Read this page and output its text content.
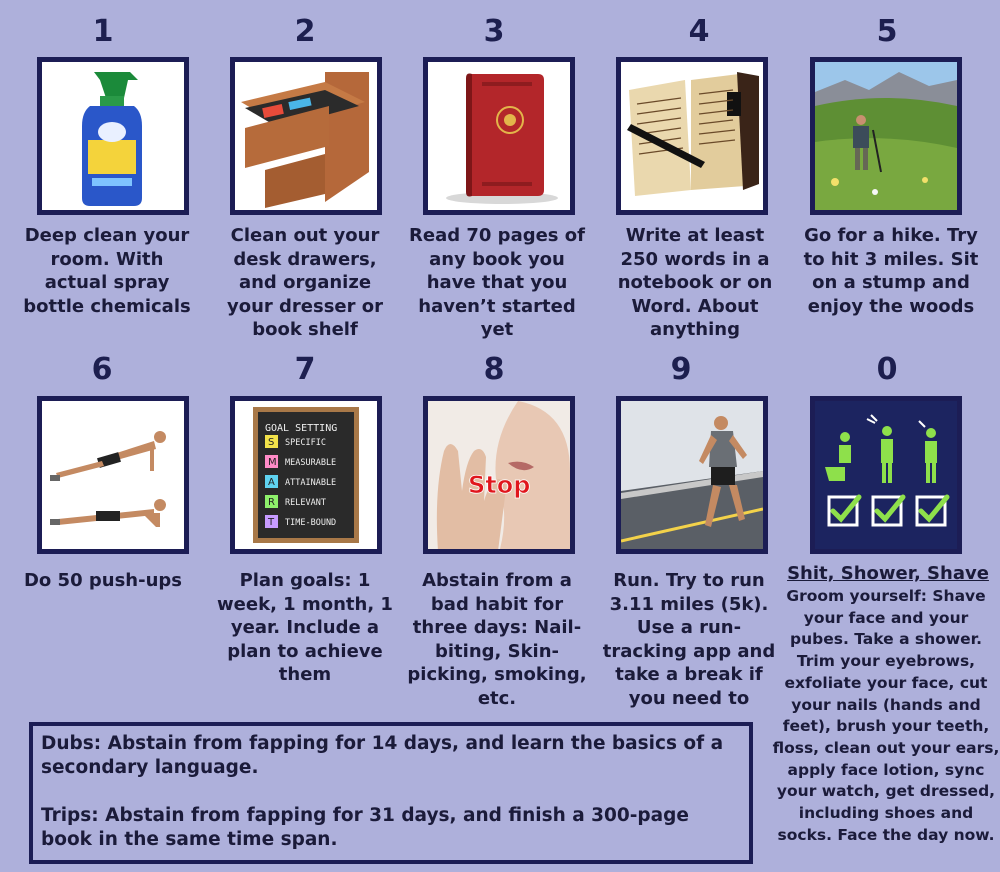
1	2	3	4	5
Deep clean your room. With actual spray bottle chemicals
Clean out your desk drawers, and organize your dresser or book shelf
Read 70 pages of any book you have that you haven’t started yet
Write at least 250 words in a notebook or on Word. About anything
Go for a hike. Try to hit 3 miles. Sit on a stump and enjoy the woods
6	7	8	9	0
GOAL SETTING
S SPECIFIC
M MEASURABLE
A ATTAINABLE
R RELEVANT
T TIME-BOUND
Stop
Do 50 push-ups	Plan goals: 1 week, 1 month, 1 year. Include a plan to achieve them
Abstain from a bad habit for three days: Nail-biting, Skin-picking, smoking, etc.
Run. Try to run 3.11 miles (5k). Use a run-tracking app and take a break if you need to
Shit, Shower, Shave
Groom yourself: Shave your face and your pubes. Take a shower. Trim your eyebrows, exfoliate your face, cut your nails (hands and feet), brush your teeth, floss, clean out your ears, apply face lotion, sync your watch, get dressed, including shoes and socks. Face the day now.

Dubs: Abstain from fapping for 14 days, and learn the basics of a secondary language.

Trips: Abstain from fapping for 31 days, and finish a 300-page book in the same time span.
